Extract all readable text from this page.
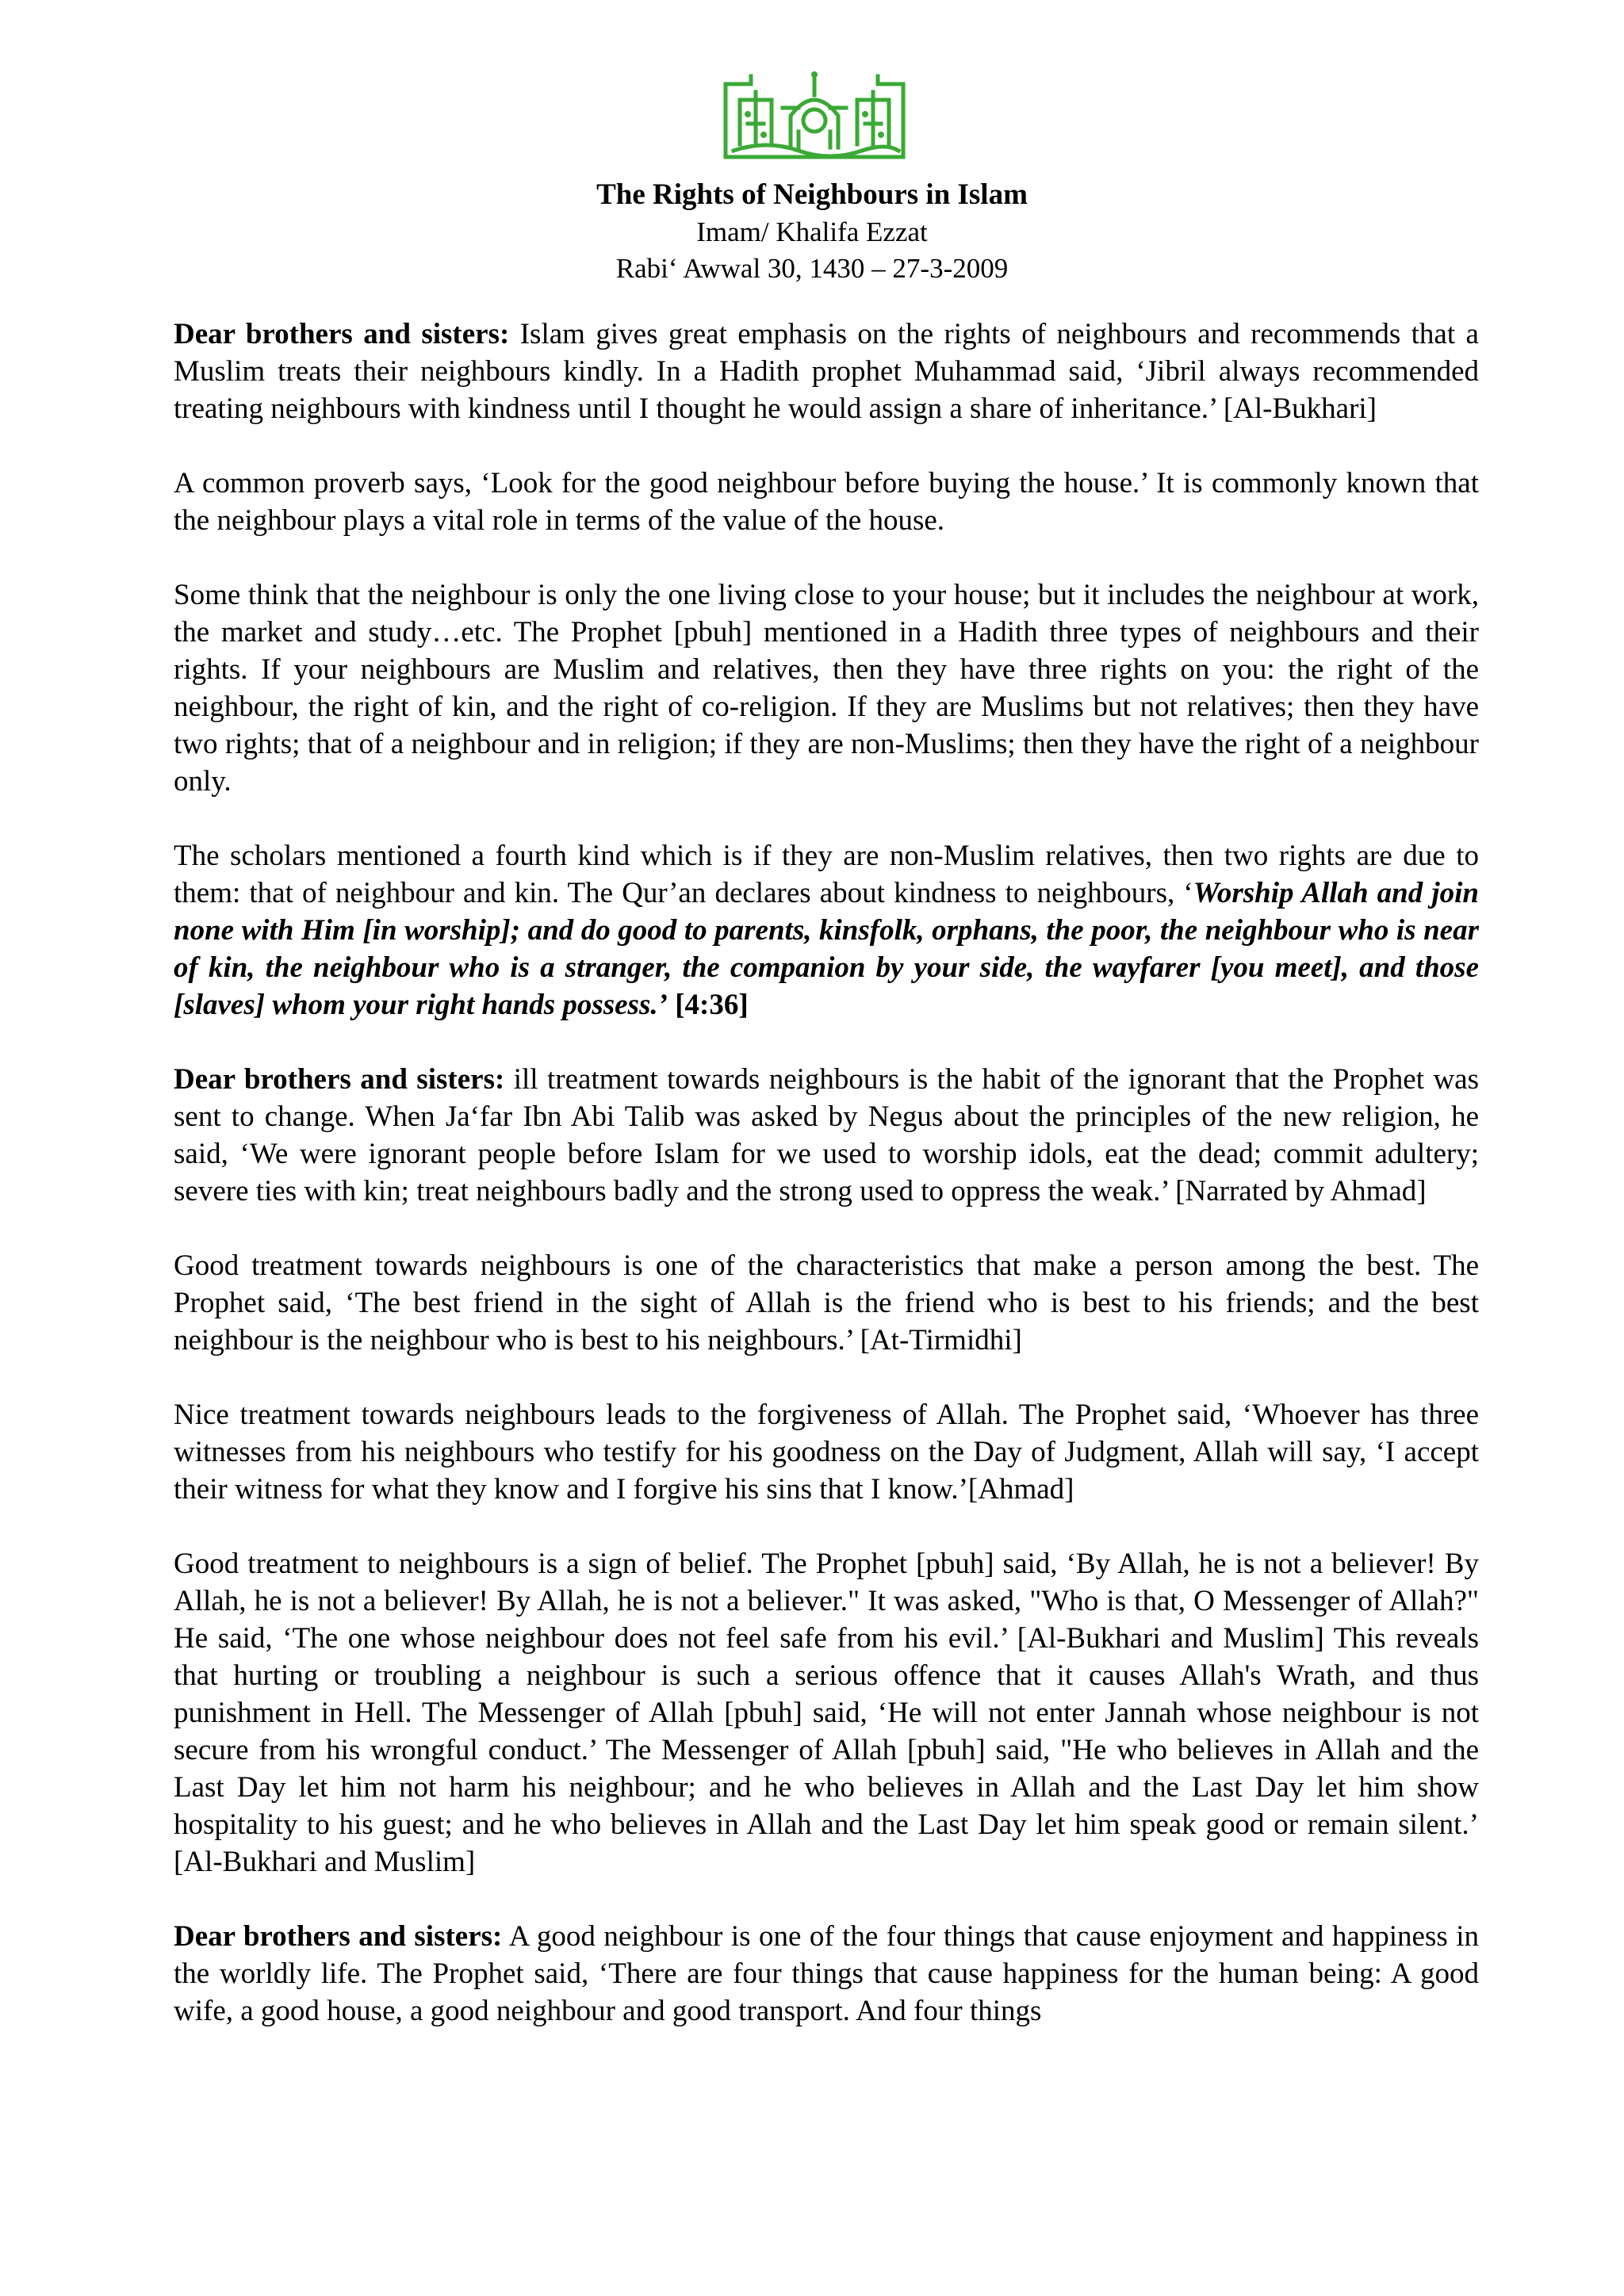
The Rights of Neighbours in Islam
Imam/ Khalifa Ezzat
Rabi‘ Awwal 30, 1430 – 27-3-2009

Dear brothers and sisters: Islam gives great emphasis on the rights of neighbours and recommends that a Muslim treats their neighbours kindly. In a Hadith prophet Muhammad said, ‘Jibril always recommended treating neighbours with kindness until I thought he would assign a share of inheritance.’ [Al-Bukhari]

A common proverb says, ‘Look for the good neighbour before buying the house.’ It is commonly known that the neighbour plays a vital role in terms of the value of the house.

Some think that the neighbour is only the one living close to your house; but it includes the neighbour at work, the market and study…etc. The Prophet [pbuh] mentioned in a Hadith three types of neighbours and their rights. If your neighbours are Muslim and relatives, then they have three rights on you: the right of the neighbour, the right of kin, and the right of co-religion. If they are Muslims but not relatives; then they have two rights; that of a neighbour and in religion; if they are non-Muslims; then they have the right of a neighbour only.

The scholars mentioned a fourth kind which is if they are non-Muslim relatives, then two rights are due to them: that of neighbour and kin. The Qur’an declares about kindness to neighbours, ‘Worship Allah and join none with Him [in worship]; and do good to parents, kinsfolk, orphans, the poor, the neighbour who is near of kin, the neighbour who is a stranger, the companion by your side, the wayfarer [you meet], and those [slaves] whom your right hands possess.’ [4:36]

Dear brothers and sisters: ill treatment towards neighbours is the habit of the ignorant that the Prophet was sent to change. When Ja‘far Ibn Abi Talib was asked by Negus about the principles of the new religion, he said, ‘We were ignorant people before Islam for we used to worship idols, eat the dead; commit adultery; severe ties with kin; treat neighbours badly and the strong used to oppress the weak.’ [Narrated by Ahmad]

Good treatment towards neighbours is one of the characteristics that make a person among the best. The Prophet said, ‘The best friend in the sight of Allah is the friend who is best to his friends; and the best neighbour is the neighbour who is best to his neighbours.’ [At-Tirmidhi]

Nice treatment towards neighbours leads to the forgiveness of Allah. The Prophet said, ‘Whoever has three witnesses from his neighbours who testify for his goodness on the Day of Judgment, Allah will say, ‘I accept their witness for what they know and I forgive his sins that I know.’[Ahmad]

Good treatment to neighbours is a sign of belief. The Prophet [pbuh] said, ‘By Allah, he is not a believer! By Allah, he is not a believer! By Allah, he is not a believer." It was asked, "Who is that, O Messenger of Allah?" He said, ‘The one whose neighbour does not feel safe from his evil.’ [Al-Bukhari and Muslim] This reveals that hurting or troubling a neighbour is such a serious offence that it causes Allah's Wrath, and thus punishment in Hell. The Messenger of Allah [pbuh] said, ‘He will not enter Jannah whose neighbour is not secure from his wrongful conduct.’ The Messenger of Allah [pbuh] said, "He who believes in Allah and the Last Day let him not harm his neighbour; and he who believes in Allah and the Last Day let him show hospitality to his guest; and he who believes in Allah and the Last Day let him speak good or remain silent.’ [Al-Bukhari and Muslim]

Dear brothers and sisters: A good neighbour is one of the four things that cause enjoyment and happiness in the worldly life. The Prophet said, ‘There are four things that cause happiness for the human being: A good wife, a good house, a good neighbour and good transport. And four things
